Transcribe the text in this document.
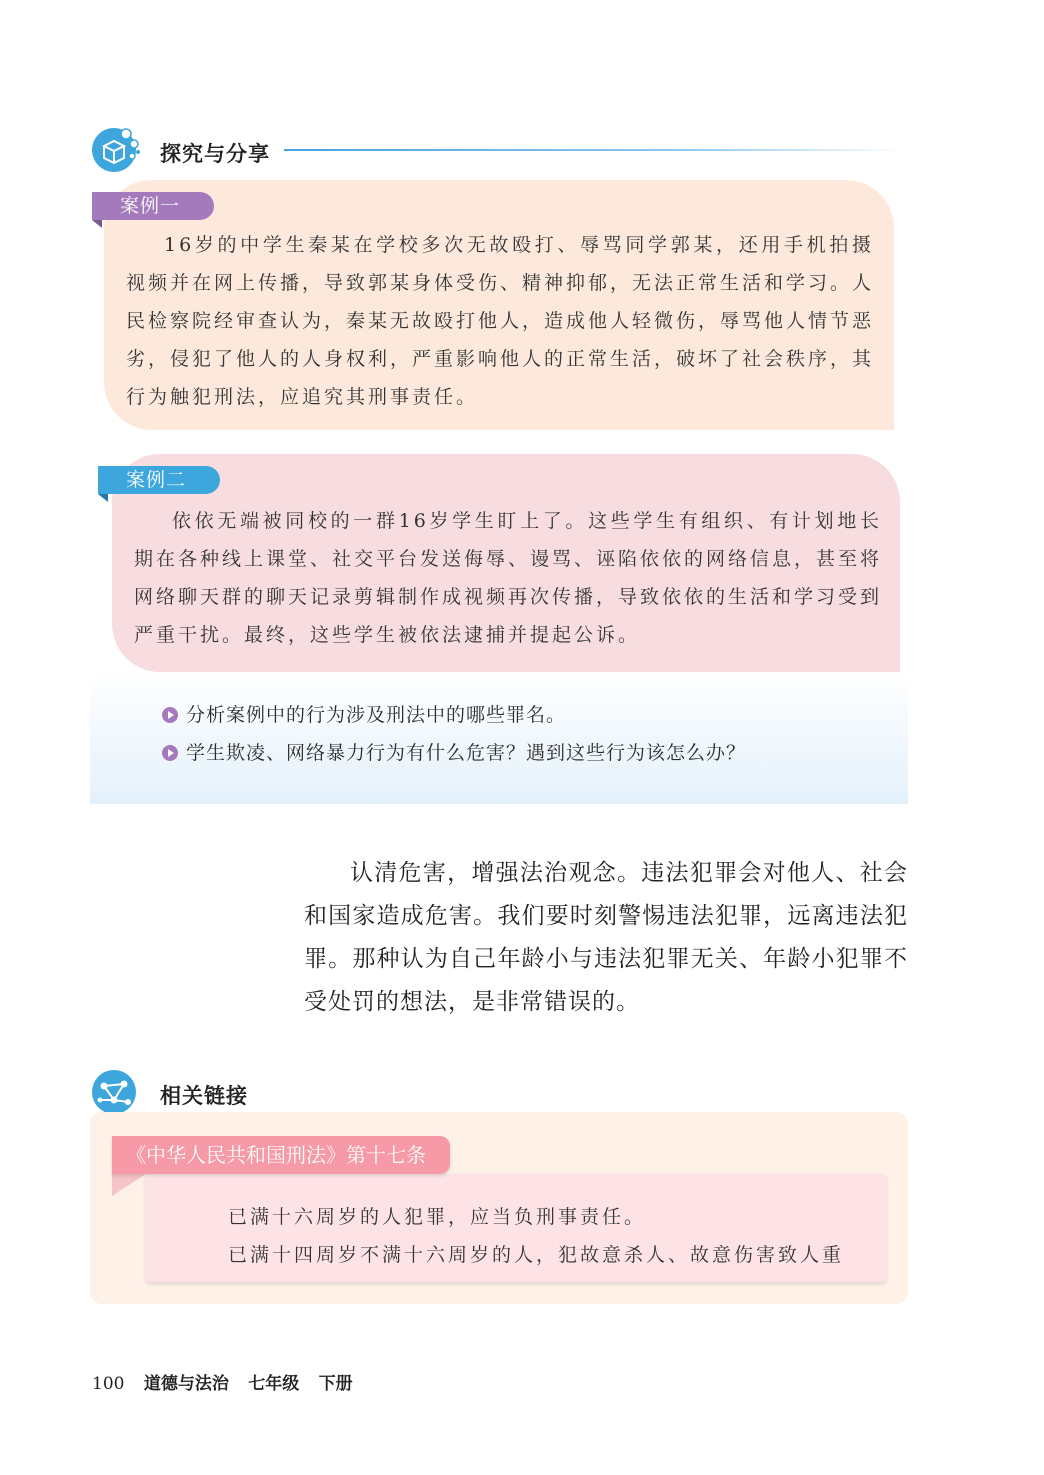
探究与分享
案例一

16岁的中学生秦某在学校多次无故殴打、辱骂同学郭某，还用手机拍摄视频并在网上传播，导致郭某身体受伤、精神抑郁，无法正常生活和学习。人民检察院经审查认为，秦某无故殴打他人，造成他人轻微伤，辱骂他人情节恶劣，侵犯了他人的人身权利，严重影响他人的正常生活，破坏了社会秩序，其行为触犯刑法，应追究其刑事责任。

案例二

依依无端被同校的一群16岁学生盯上了。这些学生有组织、有计划地长期在各种线上课堂、社交平台发送侮辱、谩骂、诬陷依依的网络信息，甚至将网络聊天群的聊天记录剪辑制作成视频再次传播，导致依依的生活和学习受到严重干扰。最终，这些学生被依法逮捕并提起公诉。

分析案例中的行为涉及刑法中的哪些罪名。
学生欺凌、网络暴力行为有什么危害？遇到这些行为该怎么办？

认清危害，增强法治观念。违法犯罪会对他人、社会和国家造成危害。我们要时刻警惕违法犯罪，远离违法犯罪。那种认为自己年龄小与违法犯罪无关、年龄小犯罪不受处罚的想法，是非常错误的。

相关链接
《中华人民共和国刑法》第十七条
已满十六周岁的人犯罪，应当负刑事责任。
已满十四周岁不满十六周岁的人，犯故意杀人、故意伤害致人重
100 道德与法治 七年级 下册
